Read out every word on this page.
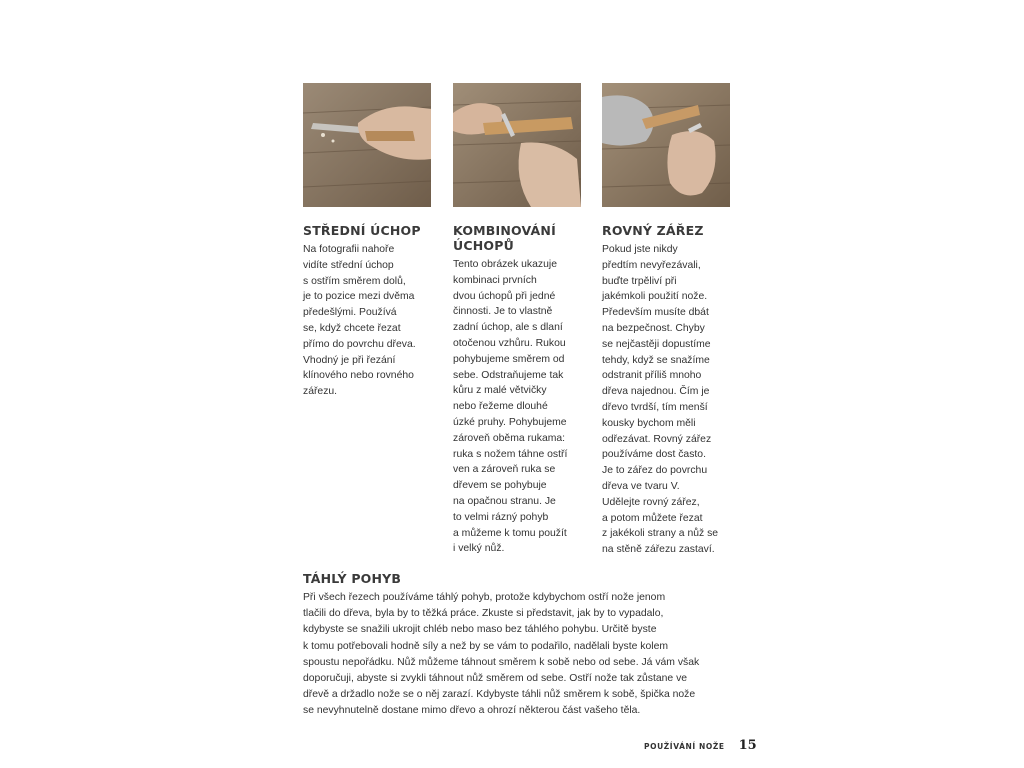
STŘEDNÍ ÚCHOP
Na fotografii nahoře
vidíte střední úchop
s ostřím směrem dolů,
je to pozice mezi dvěma
předešlými. Používá
se, když chcete řezat
přímo do povrchu dřeva.
Vhodný je při řezání
klínového nebo rovného
zářezu.
KOMBINOVÁNÍ
ÚCHOPŮ
Tento obrázek ukazuje
kombinaci prvních
dvou úchopů při jedné
činnosti. Je to vlastně
zadní úchop, ale s dlaní
otočenou vzhůru. Rukou
pohybujeme směrem od
sebe. Odstraňujeme tak
kůru z malé větvičky
nebo řežeme dlouhé
úzké pruhy. Pohybujeme
zároveň oběma rukama:
ruka s nožem táhne ostří
ven a zároveň ruka se
dřevem se pohybuje
na opačnou stranu. Je
to velmi rázný pohyb
a můžeme k tomu použít
i velký nůž.
ROVNÝ ZÁŘEZ
Pokud jste nikdy
předtím nevyřezávali,
buďte trpěliví při
jakémkoli použití nože.
Především musíte dbát
na bezpečnost. Chyby
se nejčastěji dopustíme
tehdy, když se snažíme
odstranit příliš mnoho
dřeva najednou. Čím je
dřevo tvrdší, tím menší
kousky bychom měli
odřezávat. Rovný zářez
používáme dost často.
Je to zářez do povrchu
dřeva ve tvaru V.
Udělejte rovný zářez,
a potom můžete řezat
z jakékoli strany a nůž se
na stěně zářezu zastaví.
TÁHLÝ POHYB
Při všech řezech používáme táhlý pohyb, protože kdybychom ostří nože jenom
tlačili do dřeva, byla by to těžká práce. Zkuste si představit, jak by to vypadalo,
kdybyste se snažili ukrojit chléb nebo maso bez táhlého pohybu. Určitě byste
k tomu potřebovali hodně síly a než by se vám to podařilo, nadělali byste kolem
spoustu nepořádku. Nůž můžeme táhnout směrem k sobě nebo od sebe. Já vám však
doporučuji, abyste si zvykli táhnout nůž směrem od sebe. Ostří nože tak zůstane ve
dřevě a držadlo nože se o něj zarazí. Kdybyste táhli nůž směrem k sobě, špička nože
se nevyhnutelně dostane mimo dřevo a ohrozí některou část vašeho těla.
POUŽÍVÁNÍ NOŽE 15
